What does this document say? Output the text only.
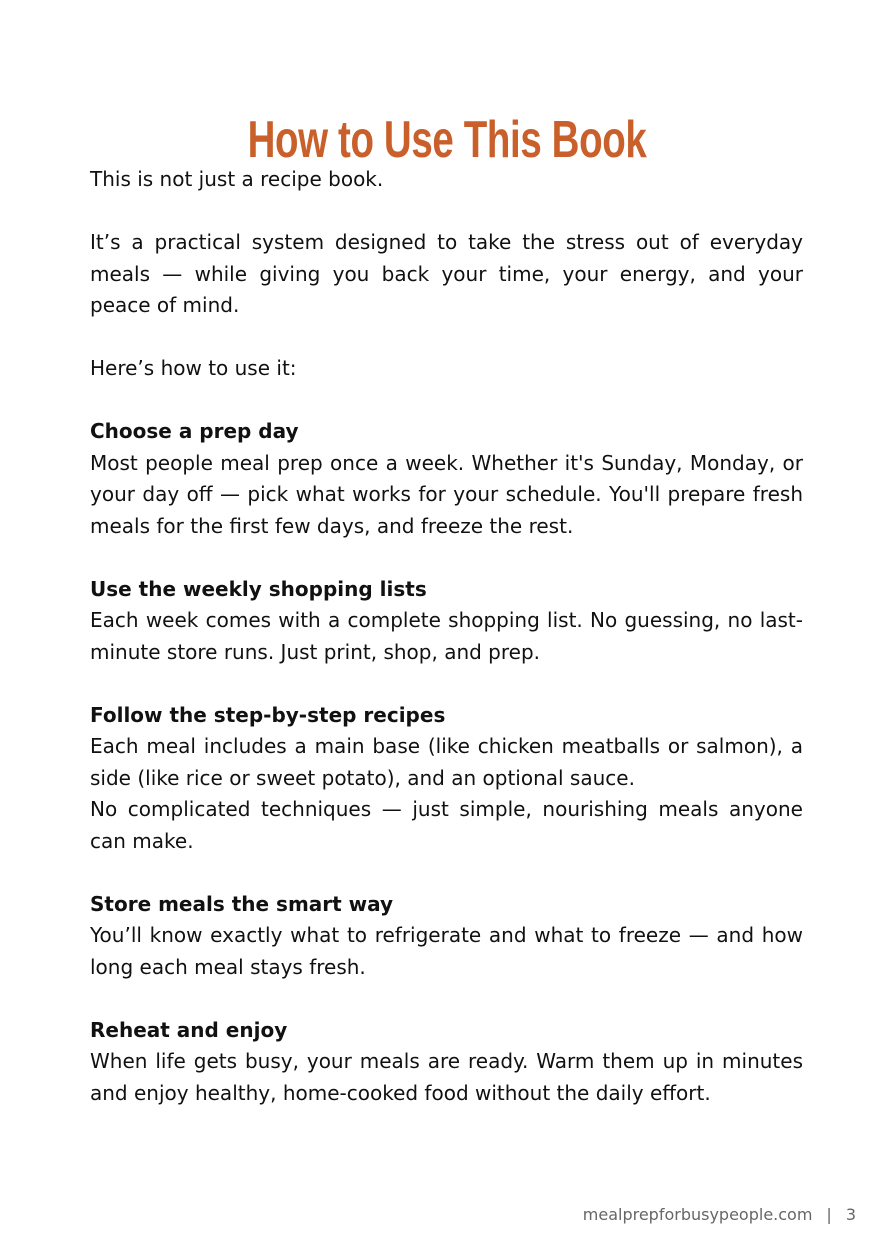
How to Use This Book

This is not just a recipe book.

It’s a practical system designed to take the stress out of everyday meals — while giving you back your time, your energy, and your peace of mind.

Here’s how to use it:

Choose a prep day
Most people meal prep once a week. Whether it's Sunday, Monday, or your day off — pick what works for your schedule. You'll prepare fresh meals for the first few days, and freeze the rest.
Use the weekly shopping lists
Each week comes with a complete shopping list. No guessing, no last-minute store runs. Just print, shop, and prep.
Follow the step-by-step recipes
Each meal includes a main base (like chicken meatballs or salmon), a side (like rice or sweet potato), and an optional sauce.
No complicated techniques — just simple, nourishing meals anyone can make.
Store meals the smart way
You’ll know exactly what to refrigerate and what to freeze — and how long each meal stays fresh.
Reheat and enjoy
When life gets busy, your meals are ready. Warm them up in minutes and enjoy healthy, home-cooked food without the daily effort.
mealprepforbusypeople.com | 3
